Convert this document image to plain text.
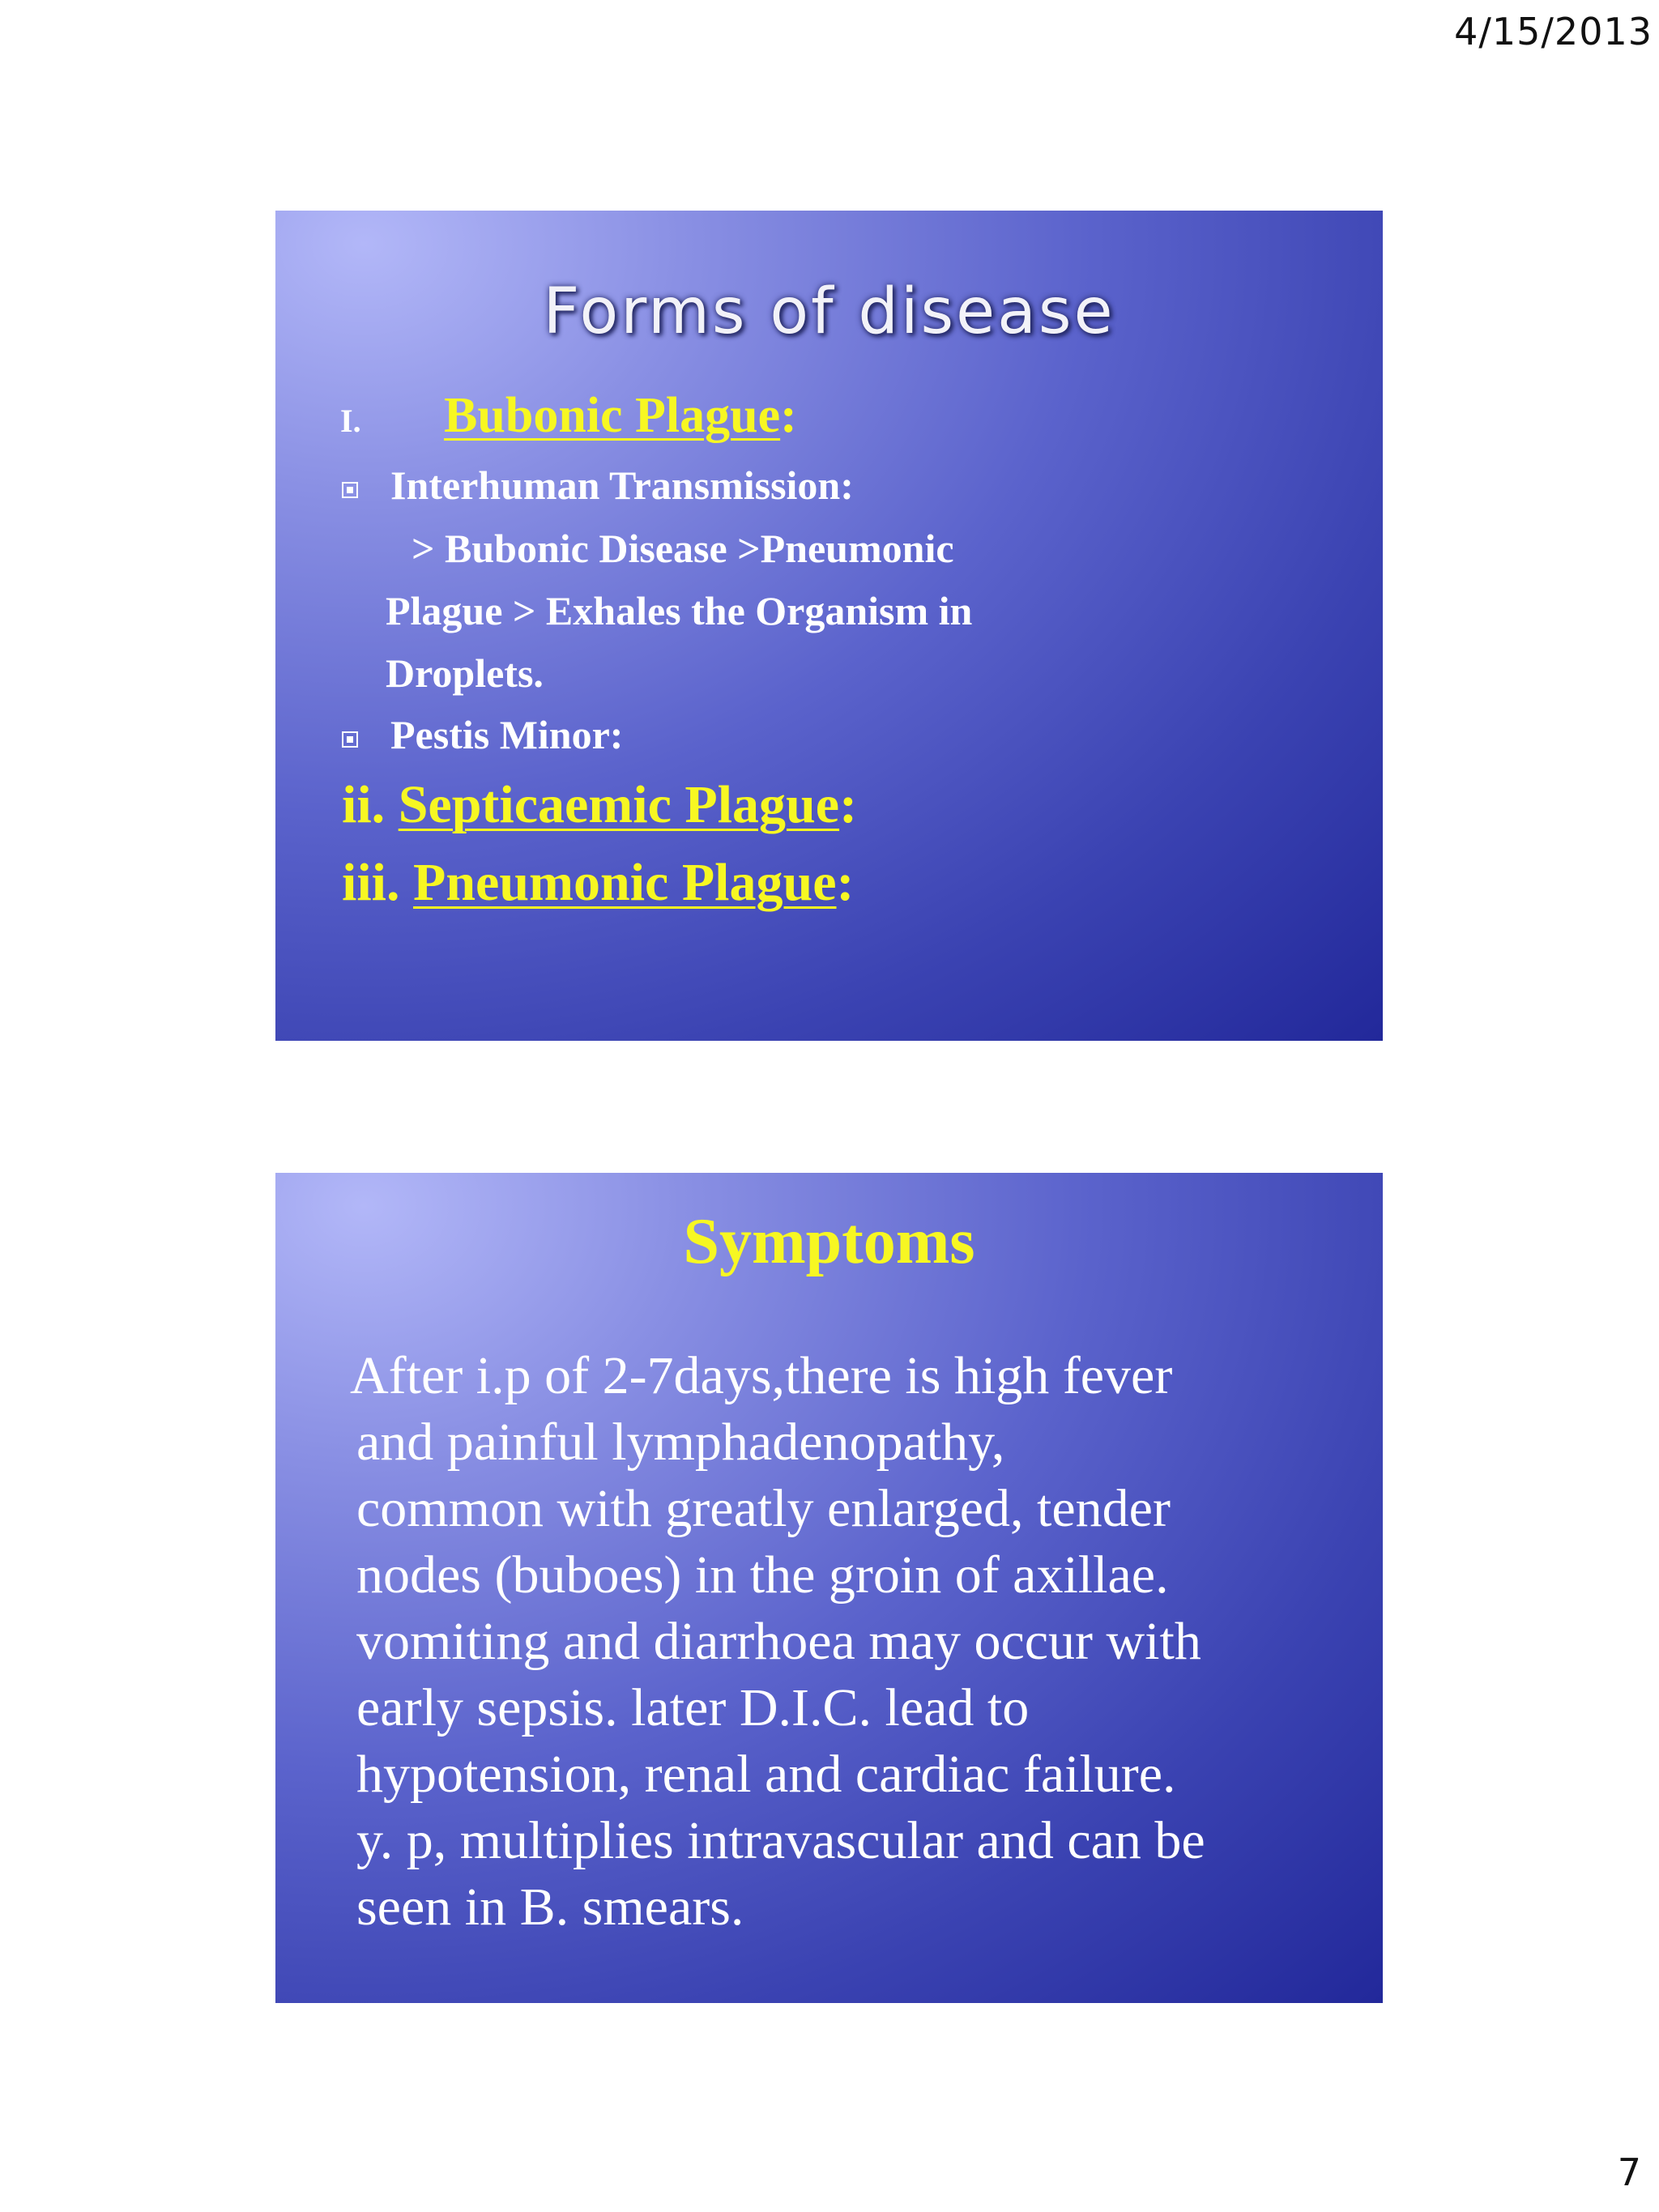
4/15/2013
Forms of disease
I. Bubonic Plague:
Interhuman Transmission:
> Bubonic Disease >Pneumonic
Plague > Exhales the Organism in
Droplets.
Pestis Minor:
ii. Septicaemic Plague:
iii. Pneumonic Plague:
Symptoms
After i.p of 2-7days,there is high fever
and painful lymphadenopathy,
common with greatly enlarged, tender
nodes (buboes) in the groin of axillae.
vomiting and diarrhoea may occur with
early sepsis. later D.I.C. lead to
hypotension, renal and cardiac failure.
y. p, multiplies intravascular and can be
seen in B. smears.
7
